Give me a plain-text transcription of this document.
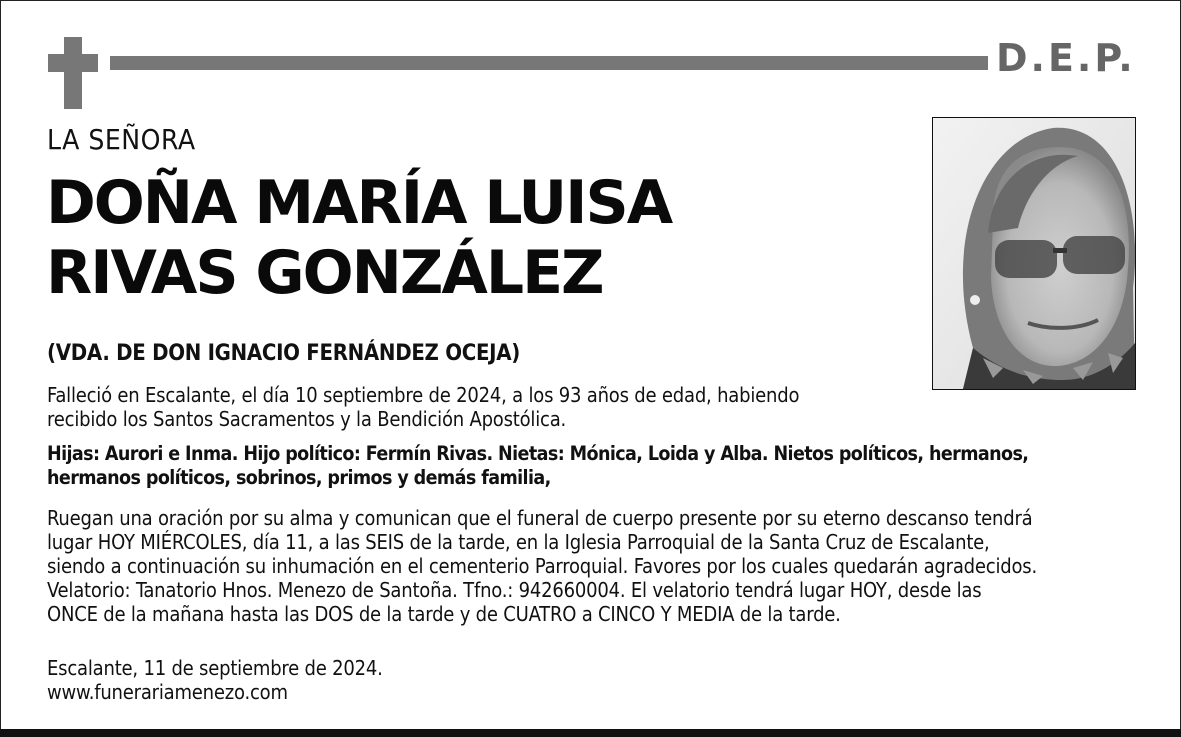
D.E.P.
LA SEÑORA
DOÑA MARÍA LUISA
RIVAS GONZÁLEZ
(VDA. DE DON IGNACIO FERNÁNDEZ OCEJA)
Falleció en Escalante, el día 10 septiembre de 2024, a los 93 años de edad, habiendo
recibido los Santos Sacramentos y la Bendición Apostólica.
Hijas: Aurori e Inma. Hijo político: Fermín Rivas. Nietas: Mónica, Loida y Alba. Nietos políticos, hermanos,
hermanos políticos, sobrinos, primos y demás familia,
Ruegan una oración por su alma y comunican que el funeral de cuerpo presente por su eterno descanso tendrá
lugar HOY MIÉRCOLES, día 11, a las SEIS de la tarde, en la Iglesia Parroquial de la Santa Cruz de Escalante,
siendo a continuación su inhumación en el cementerio Parroquial. Favores por los cuales quedarán agradecidos.
Velatorio: Tanatorio Hnos. Menezo de Santoña. Tfno.: 942660004. El velatorio tendrá lugar HOY, desde las
ONCE de la mañana hasta las DOS de la tarde y de CUATRO a CINCO Y MEDIA de la tarde.
Escalante, 11 de septiembre de 2024.
www.funerariamenezo.com
